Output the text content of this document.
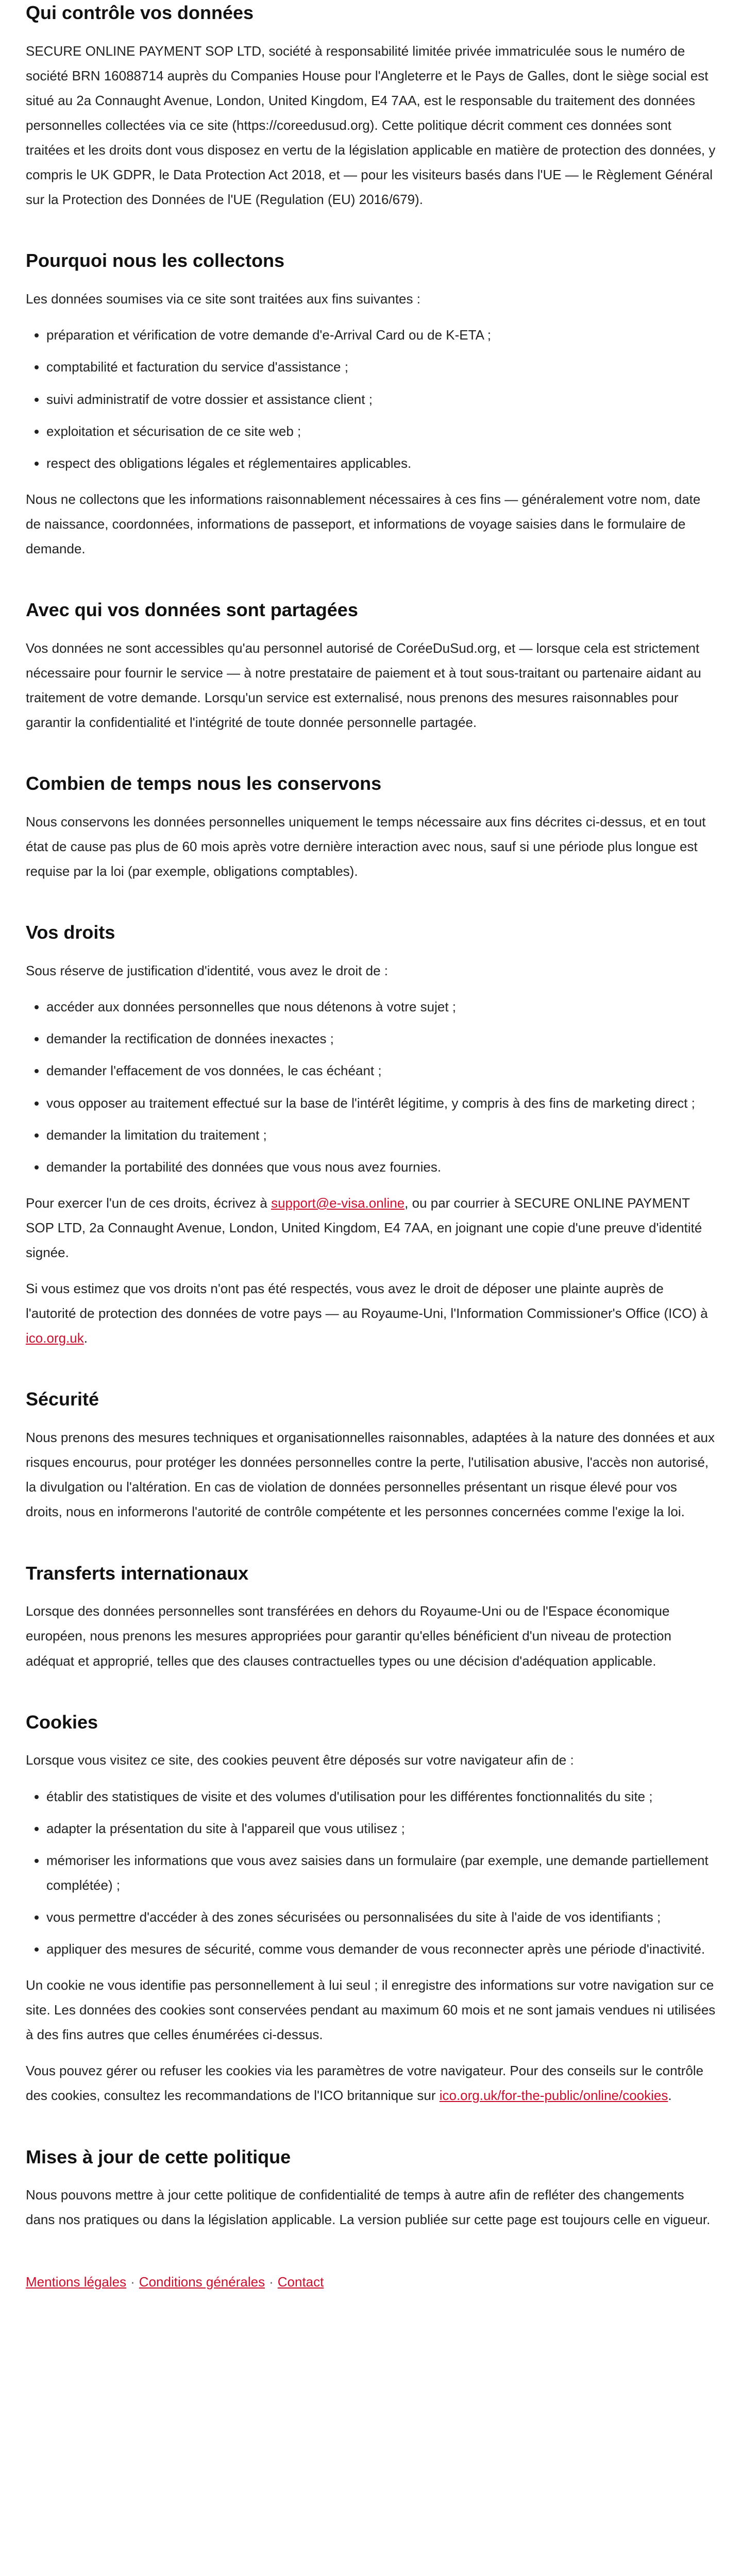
Qui contrôle vos données

SECURE ONLINE PAYMENT SOP LTD, société à responsabilité limitée privée immatriculée sous le numéro de société BRN 16088714 auprès du Companies House pour l'Angleterre et le Pays de Galles, dont le siège social est situé au 2a Connaught Avenue, London, United Kingdom, E4 7AA, est le responsable du traitement des données personnelles collectées via ce site (https://coreedusud.org). Cette politique décrit comment ces données sont traitées et les droits dont vous disposez en vertu de la législation applicable en matière de protection des données, y compris le UK GDPR, le Data Protection Act 2018, et — pour les visiteurs basés dans l'UE — le Règlement Général sur la Protection des Données de l'UE (Regulation (EU) 2016/679).

Pourquoi nous les collectons

Les données soumises via ce site sont traitées aux fins suivantes :

• préparation et vérification de votre demande d'e-Arrival Card ou de K-ETA ;
• comptabilité et facturation du service d'assistance ;
• suivi administratif de votre dossier et assistance client ;
• exploitation et sécurisation de ce site web ;
• respect des obligations légales et réglementaires applicables.

Nous ne collectons que les informations raisonnablement nécessaires à ces fins — généralement votre nom, date de naissance, coordonnées, informations de passeport, et informations de voyage saisies dans le formulaire de demande.

Avec qui vos données sont partagées

Vos données ne sont accessibles qu'au personnel autorisé de CoréeDuSud.org, et — lorsque cela est strictement nécessaire pour fournir le service — à notre prestataire de paiement et à tout sous-traitant ou partenaire aidant au traitement de votre demande. Lorsqu'un service est externalisé, nous prenons des mesures raisonnables pour garantir la confidentialité et l'intégrité de toute donnée personnelle partagée.

Combien de temps nous les conservons

Nous conservons les données personnelles uniquement le temps nécessaire aux fins décrites ci-dessus, et en tout état de cause pas plus de 60 mois après votre dernière interaction avec nous, sauf si une période plus longue est requise par la loi (par exemple, obligations comptables).

Vos droits

Sous réserve de justification d'identité, vous avez le droit de :

• accéder aux données personnelles que nous détenons à votre sujet ;
• demander la rectification de données inexactes ;
• demander l'effacement de vos données, le cas échéant ;
• vous opposer au traitement effectué sur la base de l'intérêt légitime, y compris à des fins de marketing direct ;
• demander la limitation du traitement ;
• demander la portabilité des données que vous nous avez fournies.

Pour exercer l'un de ces droits, écrivez à support@e-visa.online, ou par courrier à SECURE ONLINE PAYMENT SOP LTD, 2a Connaught Avenue, London, United Kingdom, E4 7AA, en joignant une copie d'une preuve d'identité signée.

Si vous estimez que vos droits n'ont pas été respectés, vous avez le droit de déposer une plainte auprès de l'autorité de protection des données de votre pays — au Royaume-Uni, l'Information Commissioner's Office (ICO) à ico.org.uk.

Sécurité

Nous prenons des mesures techniques et organisationnelles raisonnables, adaptées à la nature des données et aux risques encourus, pour protéger les données personnelles contre la perte, l'utilisation abusive, l'accès non autorisé, la divulgation ou l'altération. En cas de violation de données personnelles présentant un risque élevé pour vos droits, nous en informerons l'autorité de contrôle compétente et les personnes concernées comme l'exige la loi.

Transferts internationaux

Lorsque des données personnelles sont transférées en dehors du Royaume-Uni ou de l'Espace économique européen, nous prenons les mesures appropriées pour garantir qu'elles bénéficient d'un niveau de protection adéquat et approprié, telles que des clauses contractuelles types ou une décision d'adéquation applicable.

Cookies

Lorsque vous visitez ce site, des cookies peuvent être déposés sur votre navigateur afin de :

• établir des statistiques de visite et des volumes d'utilisation pour les différentes fonctionnalités du site ;
• adapter la présentation du site à l'appareil que vous utilisez ;
• mémoriser les informations que vous avez saisies dans un formulaire (par exemple, une demande partiellement complétée) ;
• vous permettre d'accéder à des zones sécurisées ou personnalisées du site à l'aide de vos identifiants ;
• appliquer des mesures de sécurité, comme vous demander de vous reconnecter après une période d'inactivité.

Un cookie ne vous identifie pas personnellement à lui seul ; il enregistre des informations sur votre navigation sur ce site. Les données des cookies sont conservées pendant au maximum 60 mois et ne sont jamais vendues ni utilisées à des fins autres que celles énumérées ci-dessus.

Vous pouvez gérer ou refuser les cookies via les paramètres de votre navigateur. Pour des conseils sur le contrôle des cookies, consultez les recommandations de l'ICO britannique sur ico.org.uk/for-the-public/online/cookies.

Mises à jour de cette politique

Nous pouvons mettre à jour cette politique de confidentialité de temps à autre afin de refléter des changements dans nos pratiques ou dans la législation applicable. La version publiée sur cette page est toujours celle en vigueur.

Mentions légales · Conditions générales · Contact
